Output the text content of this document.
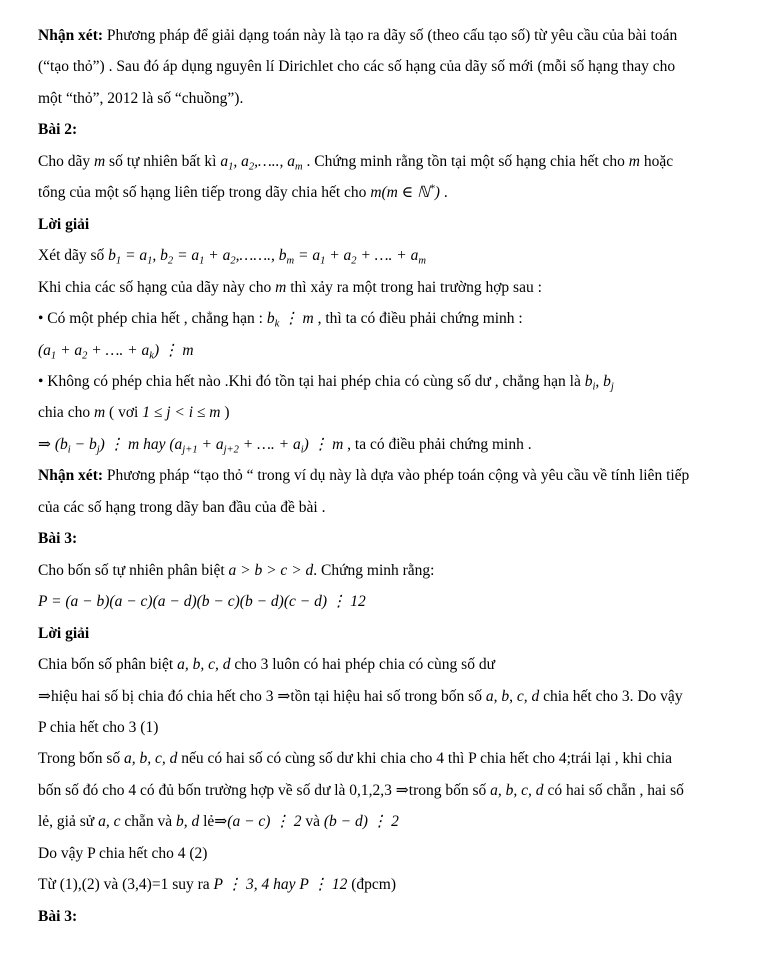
Nhận xét: Phương pháp để giải dạng toán này là tạo ra dãy số (theo cấu tạo số) từ yêu cầu của bài toán
(“tạo thỏ”) . Sau đó áp dụng nguyên lí Dirichlet cho các số hạng của dãy số mới (mỗi số hạng thay cho
một “thỏ”, 2012 là số “chuồng”).
Bài 2:
Cho dãy m số tự nhiên bất kì $a_1$, $a_2,\dots$.., $a_m$ . Chứng minh rằng tồn tại một số hạng chia hết cho m hoặc
tổng của một số hạng liên tiếp trong dãy chia hết cho m(m ∈ ℕ*) .
Lời giải
Xét dãy số $b_1 = a_1$, $b_2 = a_1$ + $a_2,\dots\dots$., $b_m = a_1 + a_2$ + …. + $a_m$
Khi chia các số hạng của dãy này cho m thì xảy ra một trong hai trường hợp sau :
• Có một phép chia hết , chẳng hạn : $b_k$ ⋮ m , thì ta có điều phải chứng minh :
($a_1 + a_2$ + …. + $a_k$) ⋮ m
• Không có phép chia hết nào .Khi đó tồn tại hai phép chia có cùng số dư , chẳng hạn là $b_i$, $b_j$
chia cho m ( vơi 1 ≤ j < i ≤ m )
⇒ $(b_i - b_j)$ ⋮ m hay ($a_{j+1} + a_{j+2}$ + …. + $a_i$) ⋮ m , ta có điều phải chứng minh .
Nhận xét: Phương pháp “tạo thỏ “ trong ví dụ này là dựa vào phép toán cộng và yêu cầu về tính liên tiếp
của các số hạng trong dãy ban đầu của đề bài .
Bài 3:
Cho bốn số tự nhiên phân biệt a > b > c > d. Chứng minh rằng:
P = (a − b)(a − c)(a − d)(b − c)(b − d)(c − d) ⋮ 12
Lời giải
Chia bốn số phân biệt a, b, c, d cho 3 luôn có hai phép chia có cùng số dư
⇒hiệu hai số bị chia đó chia hết cho 3 ⇒tồn tại hiệu hai số trong bốn số a, b, c, d chia hết cho 3. Do vậy
P chia hết cho 3 (1)
Trong bốn số a, b, c, d nếu có hai số có cùng số dư khi chia cho 4 thì P chia hết cho 4;trái lại , khi chia
bốn số đó cho 4 có đủ bốn trường hợp về số dư là 0,1,2,3 ⇒trong bốn số a, b, c, d có hai số chẵn , hai số
lẻ, giả sử a, c chẵn và b, d lẻ⇒(a − c) ⋮ 2 và (b − d) ⋮ 2
Do vậy P chia hết cho 4 (2)
Từ (1),(2) và (3,4)=1 suy ra P ⋮ 3, 4 hay P ⋮ 12 (đpcm)
Bài 3:
